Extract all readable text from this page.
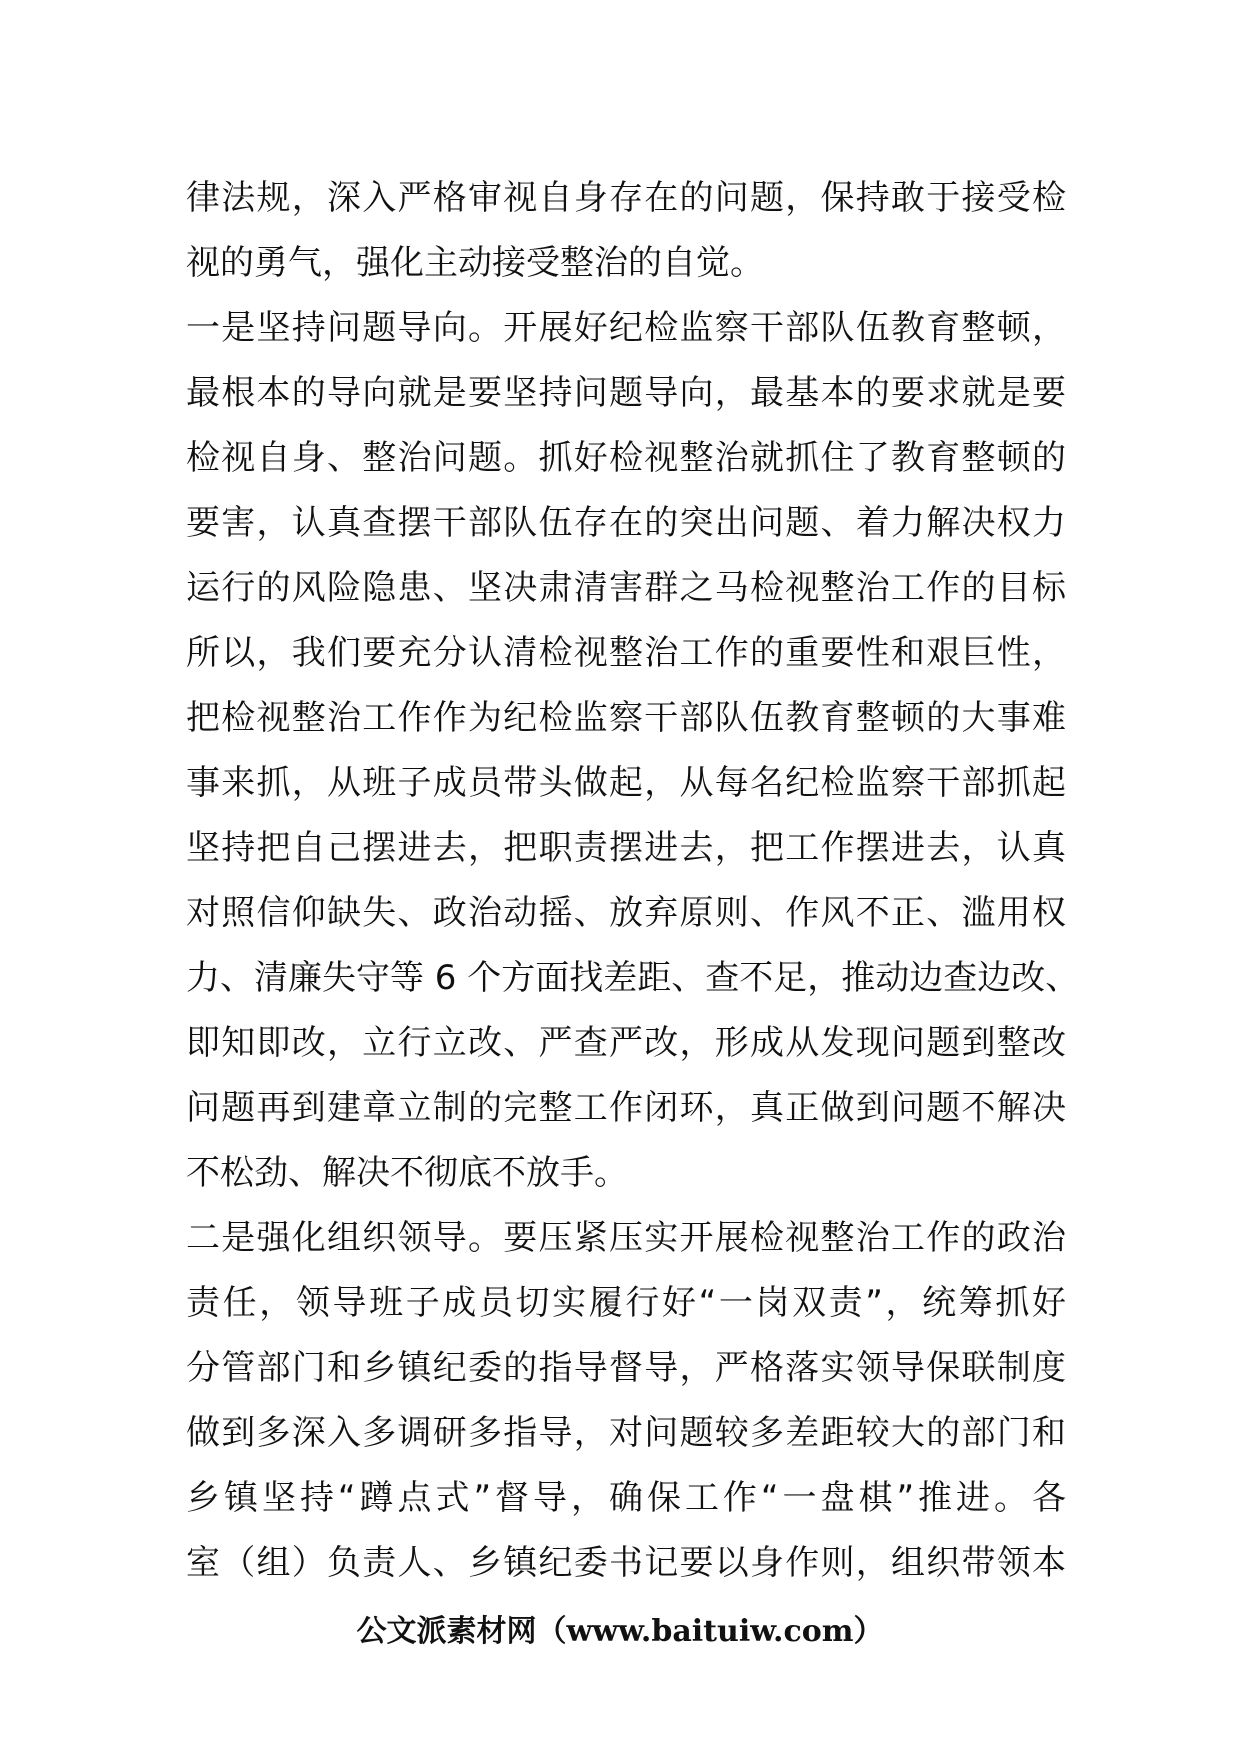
律法规，深入严格审视自身存在的问题，保持敢于接受检
视的勇气，强化主动接受整治的自觉。
一是坚持问题导向。开展好纪检监察干部队伍教育整顿，
最根本的导向就是要坚持问题导向，最基本的要求就是要
检视自身、整治问题。抓好检视整治就抓住了教育整顿的
要害，认真查摆干部队伍存在的突出问题、着力解决权力
运行的风险隐患、坚决肃清害群之马检视整治工作的目标
所以，我们要充分认清检视整治工作的重要性和艰巨性，
把检视整治工作作为纪检监察干部队伍教育整顿的大事难
事来抓，从班子成员带头做起，从每名纪检监察干部抓起
坚持把自己摆进去，把职责摆进去，把工作摆进去，认真
对照信仰缺失、政治动摇、放弃原则、作风不正、滥用权
力、清廉失守等 6 个方面找差距、查不足，推动边查边改、
即知即改，立行立改、严查严改，形成从发现问题到整改
问题再到建章立制的完整工作闭环，真正做到问题不解决
不松劲、解决不彻底不放手。
二是强化组织领导。要压紧压实开展检视整治工作的政治
责任，领导班子成员切实履行好“一岗双责”，统筹抓好
分管部门和乡镇纪委的指导督导，严格落实领导保联制度
做到多深入多调研多指导，对问题较多差距较大的部门和
乡镇坚持“蹲点式”督导，确保工作“一盘棋”推进。各
室（组）负责人、乡镇纪委书记要以身作则，组织带领本
公文派素材网（www.baituiw.com）
